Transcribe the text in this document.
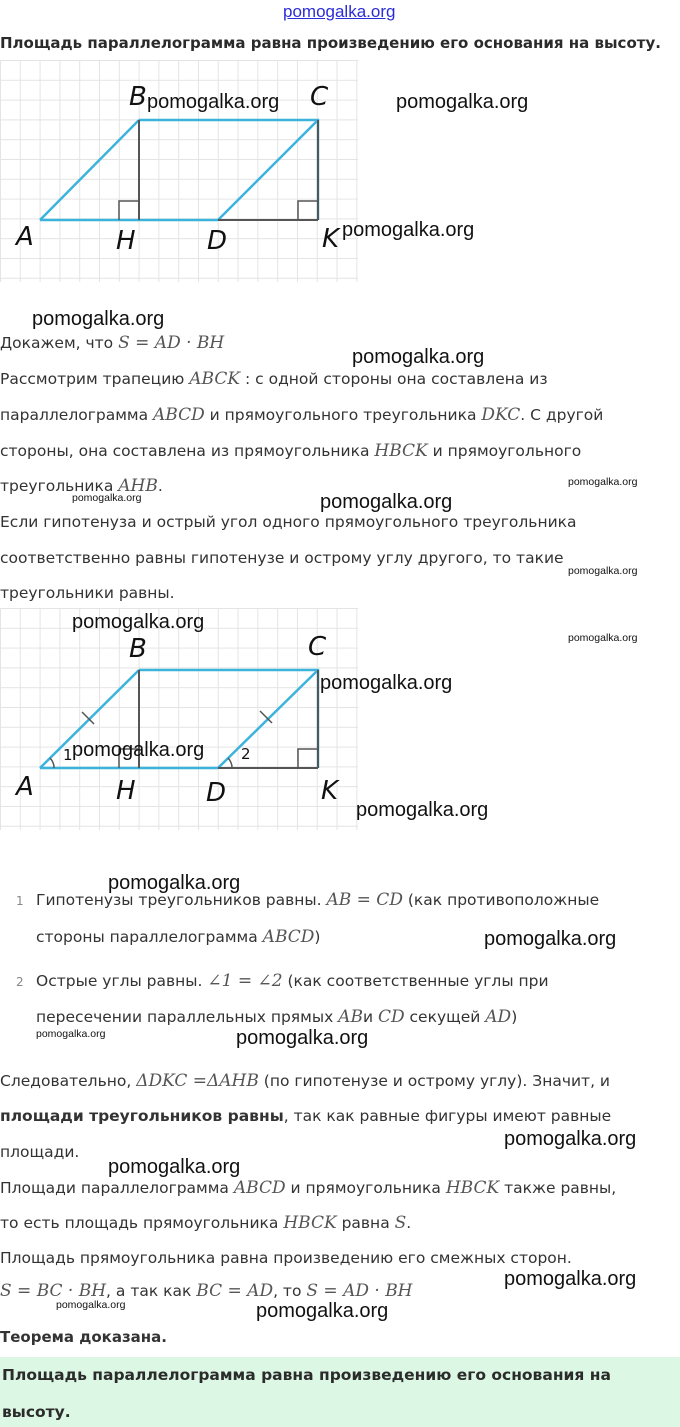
pomogalka.org
Площадь параллелограмма равна произведению его основания на высоту.
B	C
A	H	D	K
Докажем, что S = AD · BH
Рассмотрим трапецию ABCK : с одной стороны она составлена из
параллелограмма ABCD и прямоугольного треугольника DKC. С другой
стороны, она составлена из прямоугольника HBCK и прямоугольного
треугольника AHB.
Если гипотенуза и острый угол одного прямоугольного треугольника
соответственно равны гипотенузе и острому углу другого, то такие
треугольники равны.
B	C
A	H	D	K
1	2
1 Гипотенузы треугольников равны. AB = CD (как противоположные
стороны параллелограмма ABCD)
2 Острые углы равны. ∠1 = ∠2 (как соответственные углы при
пересечении параллельных прямых ABи CD секущей AD)
Следовательно, ΔDKC =ΔAHB (по гипотенузе и острому углу). Значит, и
площади треугольников равны, так как равные фигуры имеют равные
площади.
Площади параллелограмма ABCD и прямоугольника HBCK также равны,
то есть площадь прямоугольника HBCK равна S.
Площадь прямоугольника равна произведению его смежных сторон.
S = BC · BH, а так как BC = AD, то S = AD · BH
Теорема доказана.
Площадь параллелограмма равна произведению его основания на
высоту.
pomogalka.org	pomogalka.org
pomogalka.org
pomogalka.org
pomogalka.org
pomogalka.org
pomogalka.org	pomogalka.org
pomogalka.org
pomogalka.org
pomogalka.org
pomogalka.org
pomogalka.org
pomogalka.org
pomogalka.org
pomogalka.org
pomogalka.org	pomogalka.org
pomogalka.org
pomogalka.org
pomogalka.org
pomogalka.org	pomogalka.org
